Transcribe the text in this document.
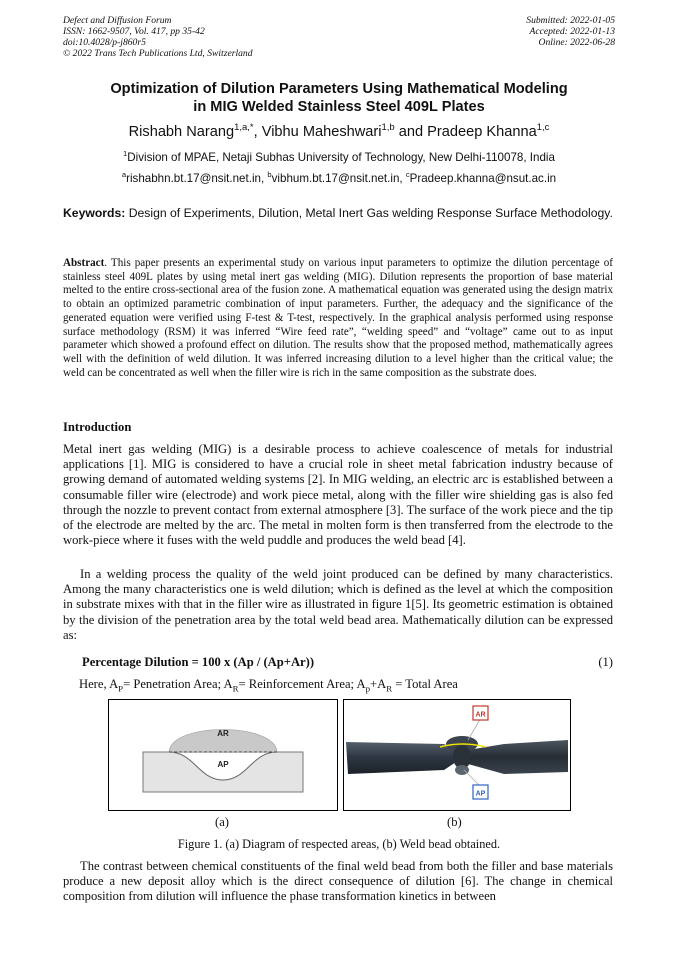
Defect and Diffusion Forum
ISSN: 1662-9507, Vol. 417, pp 35-42
doi:10.4028/p-j860r5
© 2022 Trans Tech Publications Ltd, Switzerland
Submitted: 2022-01-05
Accepted: 2022-01-13
Online: 2022-06-28
Optimization of Dilution Parameters Using Mathematical Modeling
in MIG Welded Stainless Steel 409L Plates
Rishabh Narang$^{1,a,*}$, Vibhu Maheshwari$^{1,b}$ and Pradeep Khanna$^{1,c}$
$^1$Division of MPAE, Netaji Subhas University of Technology, New Delhi-110078, India
$^a$rishabhn.bt.17@nsit.net.in, $^b$vibhum.bt.17@nsit.net.in, $^c$Pradeep.khanna@nsut.ac.in
Keywords: Design of Experiments, Dilution, Metal Inert Gas welding Response Surface Methodology.
Abstract. This paper presents an experimental study on various input parameters to optimize the dilution percentage of stainless steel 409L plates by using metal inert gas welding (MIG). Dilution represents the proportion of base material melted to the entire cross-sectional area of the fusion zone. A mathematical equation was generated using the design matrix to obtain an optimized parametric combination of input parameters. Further, the adequacy and the significance of the generated equation were verified using F-test & T-test, respectively. In the graphical analysis performed using response surface methodology (RSM) it was inferred “Wire feed rate”, “welding speed” and “voltage” came out to as input parameter which showed a profound effect on dilution. The results show that the proposed method, mathematically agrees well with the definition of weld dilution. It was inferred increasing dilution to a level higher than the critical value; the weld can be concentrated as well when the filler wire is rich in the same composition as the substrate does.
Introduction
Metal inert gas welding (MIG) is a desirable process to achieve coalescence of metals for industrial applications [1]. MIG is considered to have a crucial role in sheet metal fabrication industry because of growing demand of automated welding systems [2]. In MIG welding, an electric arc is established between a consumable filler wire (electrode) and work piece metal, along with the filler wire shielding gas is also fed through the nozzle to prevent contact from external atmosphere [3]. The surface of the work piece and the tip of the electrode are melted by the arc. The metal in molten form is then transferred from the electrode to the work-piece where it fuses with the weld puddle and produces the weld bead [4].
In a welding process the quality of the weld joint produced can be defined by many characteristics. Among the many characteristics one is weld dilution; which is defined as the level at which the composition in substrate mixes with that in the filler wire as illustrated in figure 1[5]. Its geometric estimation is obtained by the division of the penetration area by the total weld bead area. Mathematically dilution can be expressed as:
Percentage Dilution = 100 x (Ap / (Ap+Ar))	(1)
Here, $A_P=$ Penetration Area; $A_R=$ Reinforcement Area; $A_p+A_R$ = Total Area
AR
AP
AR
AP
(a)	(b)
Figure 1. (a) Diagram of respected areas, (b) Weld bead obtained.
The contrast between chemical constituents of the final weld bead from both the filler and base materials produce a new deposit alloy which is the direct consequence of dilution [6]. The change in chemical composition from dilution will influence the phase transformation kinetics in between
